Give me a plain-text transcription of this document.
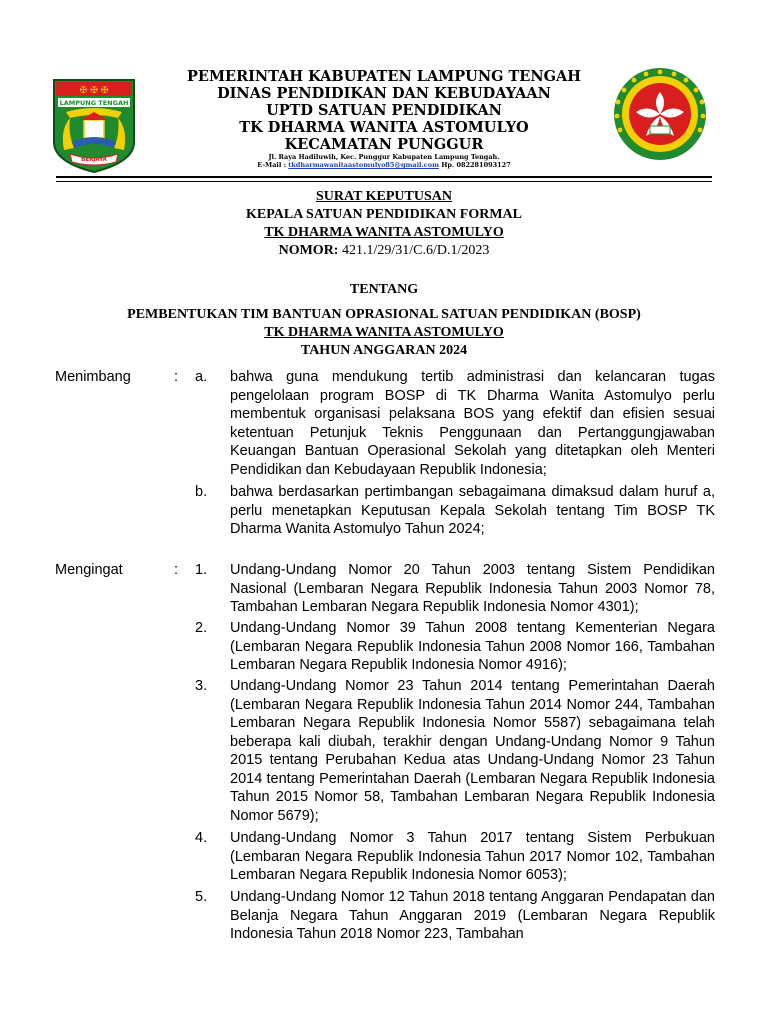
✠ ✠ ✠
LAMPUNG TENGAH
BERJAYA
PEMERINTAH KABUPATEN LAMPUNG TENGAH
DINAS PENDIDIKAN DAN KEBUDAYAAN
UPTD SATUAN PENDIDIKAN
TK DHARMA WANITA ASTOMULYO
KECAMATAN PUNGGUR
Jl. Raya Hadiluwih, Kec. Punggur Kabupaten Lampung Tengah.
E-Mail : tkdharmawanitaastomulyo85@gmail.com Hp. 082281093127
SURAT KEPUTUSAN
KEPALA SATUAN PENDIDIKAN FORMAL
TK DHARMA WANITA ASTOMULYO
NOMOR: 421.1/29/31/C.6/D.1/2023
TENTANG
PEMBENTUKAN TIM BANTUAN OPRASIONAL SATUAN PENDIDIKAN (BOSP)
TK DHARMA WANITA ASTOMULYO
TAHUN ANGGARAN 2024
Menimbang	: a. bahwa guna mendukung tertib administrasi dan kelancaran tugas pengelolaan program BOSP di TK Dharma Wanita Astomulyo perlu membentuk organisasi pelaksana BOS yang efektif dan efisien sesuai ketentuan Petunjuk Teknis Penggunaan dan Pertanggungjawaban Keuangan Bantuan Operasional Sekolah yang ditetapkan oleh Menteri Pendidikan dan Kebudayaan Republik Indonesia;
b. bahwa berdasarkan pertimbangan sebagaimana dimaksud dalam huruf a, perlu menetapkan Keputusan Kepala Sekolah tentang Tim BOSP TK Dharma Wanita Astomulyo Tahun 2024;
Mengingat	: 1. Undang-Undang Nomor 20 Tahun 2003 tentang Sistem Pendidikan Nasional (Lembaran Negara Republik Indonesia Tahun 2003 Nomor 78, Tambahan Lembaran Negara Republik Indonesia Nomor 4301);
2. Undang-Undang Nomor 39 Tahun 2008 tentang Kementerian Negara (Lembaran Negara Republik Indonesia Tahun 2008 Nomor 166, Tambahan Lembaran Negara Republik Indonesia Nomor 4916);
3. Undang-Undang Nomor 23 Tahun 2014 tentang Pemerintahan Daerah (Lembaran Negara Republik Indonesia Tahun 2014 Nomor 244, Tambahan Lembaran Negara Republik Indonesia Nomor 5587) sebagaimana telah beberapa kali diubah, terakhir dengan Undang-Undang Nomor 9 Tahun 2015 tentang Perubahan Kedua atas Undang-Undang Nomor 23 Tahun 2014 tentang Pemerintahan Daerah (Lembaran Negara Republik Indonesia Tahun 2015 Nomor 58, Tambahan Lembaran Negara Republik Indonesia Nomor 5679);
4. Undang-Undang Nomor 3 Tahun 2017 tentang Sistem Perbukuan (Lembaran Negara Republik Indonesia Tahun 2017 Nomor 102, Tambahan Lembaran Negara Republik Indonesia Nomor 6053);
5. Undang-Undang Nomor 12 Tahun 2018 tentang Anggaran Pendapatan dan Belanja Negara Tahun Anggaran 2019 (Lembaran Negara Republik Indonesia Tahun 2018 Nomor 223, Tambahan
